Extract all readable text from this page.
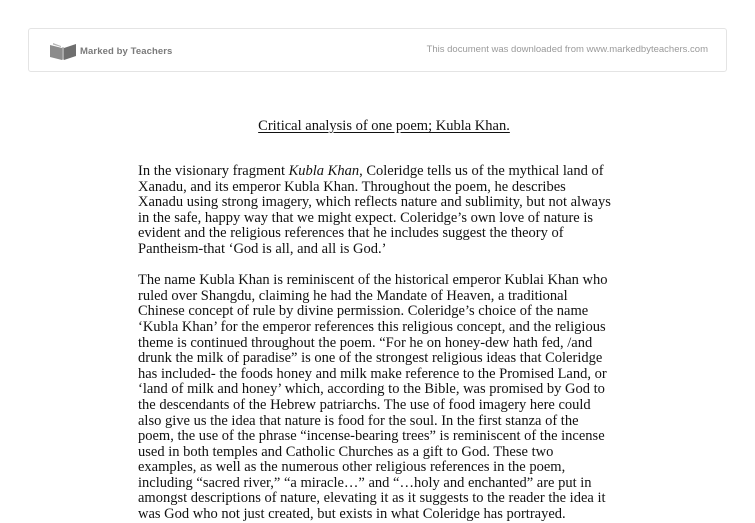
Marked by Teachers	This document was downloaded from www.markedbyteachers.com
Critical analysis of one poem; Kubla Khan.
In the visionary fragment Kubla Khan, Coleridge tells us of the mythical land of
Xanadu, and its emperor Kubla Khan. Throughout the poem, he describes
Xanadu using strong imagery, which reflects nature and sublimity, but not always
in the safe, happy way that we might expect. Coleridge’s own love of nature is
evident and the religious references that he includes suggest the theory of
Pantheism-that ‘God is all, and all is God.’
The name Kubla Khan is reminiscent of the historical emperor Kublai Khan who
ruled over Shangdu, claiming he had the Mandate of Heaven, a traditional
Chinese concept of rule by divine permission. Coleridge’s choice of the name
‘Kubla Khan’ for the emperor references this religious concept, and the religious
theme is continued throughout the poem. “For he on honey-dew hath fed, /and
drunk the milk of paradise” is one of the strongest religious ideas that Coleridge
has included- the foods honey and milk make reference to the Promised Land, or
‘land of milk and honey’ which, according to the Bible, was promised by God to
the descendants of the Hebrew patriarchs. The use of food imagery here could
also give us the idea that nature is food for the soul. In the first stanza of the
poem, the use of the phrase “incense-bearing trees” is reminiscent of the incense
used in both temples and Catholic Churches as a gift to God. These two
examples, as well as the numerous other religious references in the poem,
including “sacred river,” “a miracle…” and “…holy and enchanted” are put in
amongst descriptions of nature, elevating it as it suggests to the reader the idea it
was God who not just created, but exists in what Coleridge has portrayed.
